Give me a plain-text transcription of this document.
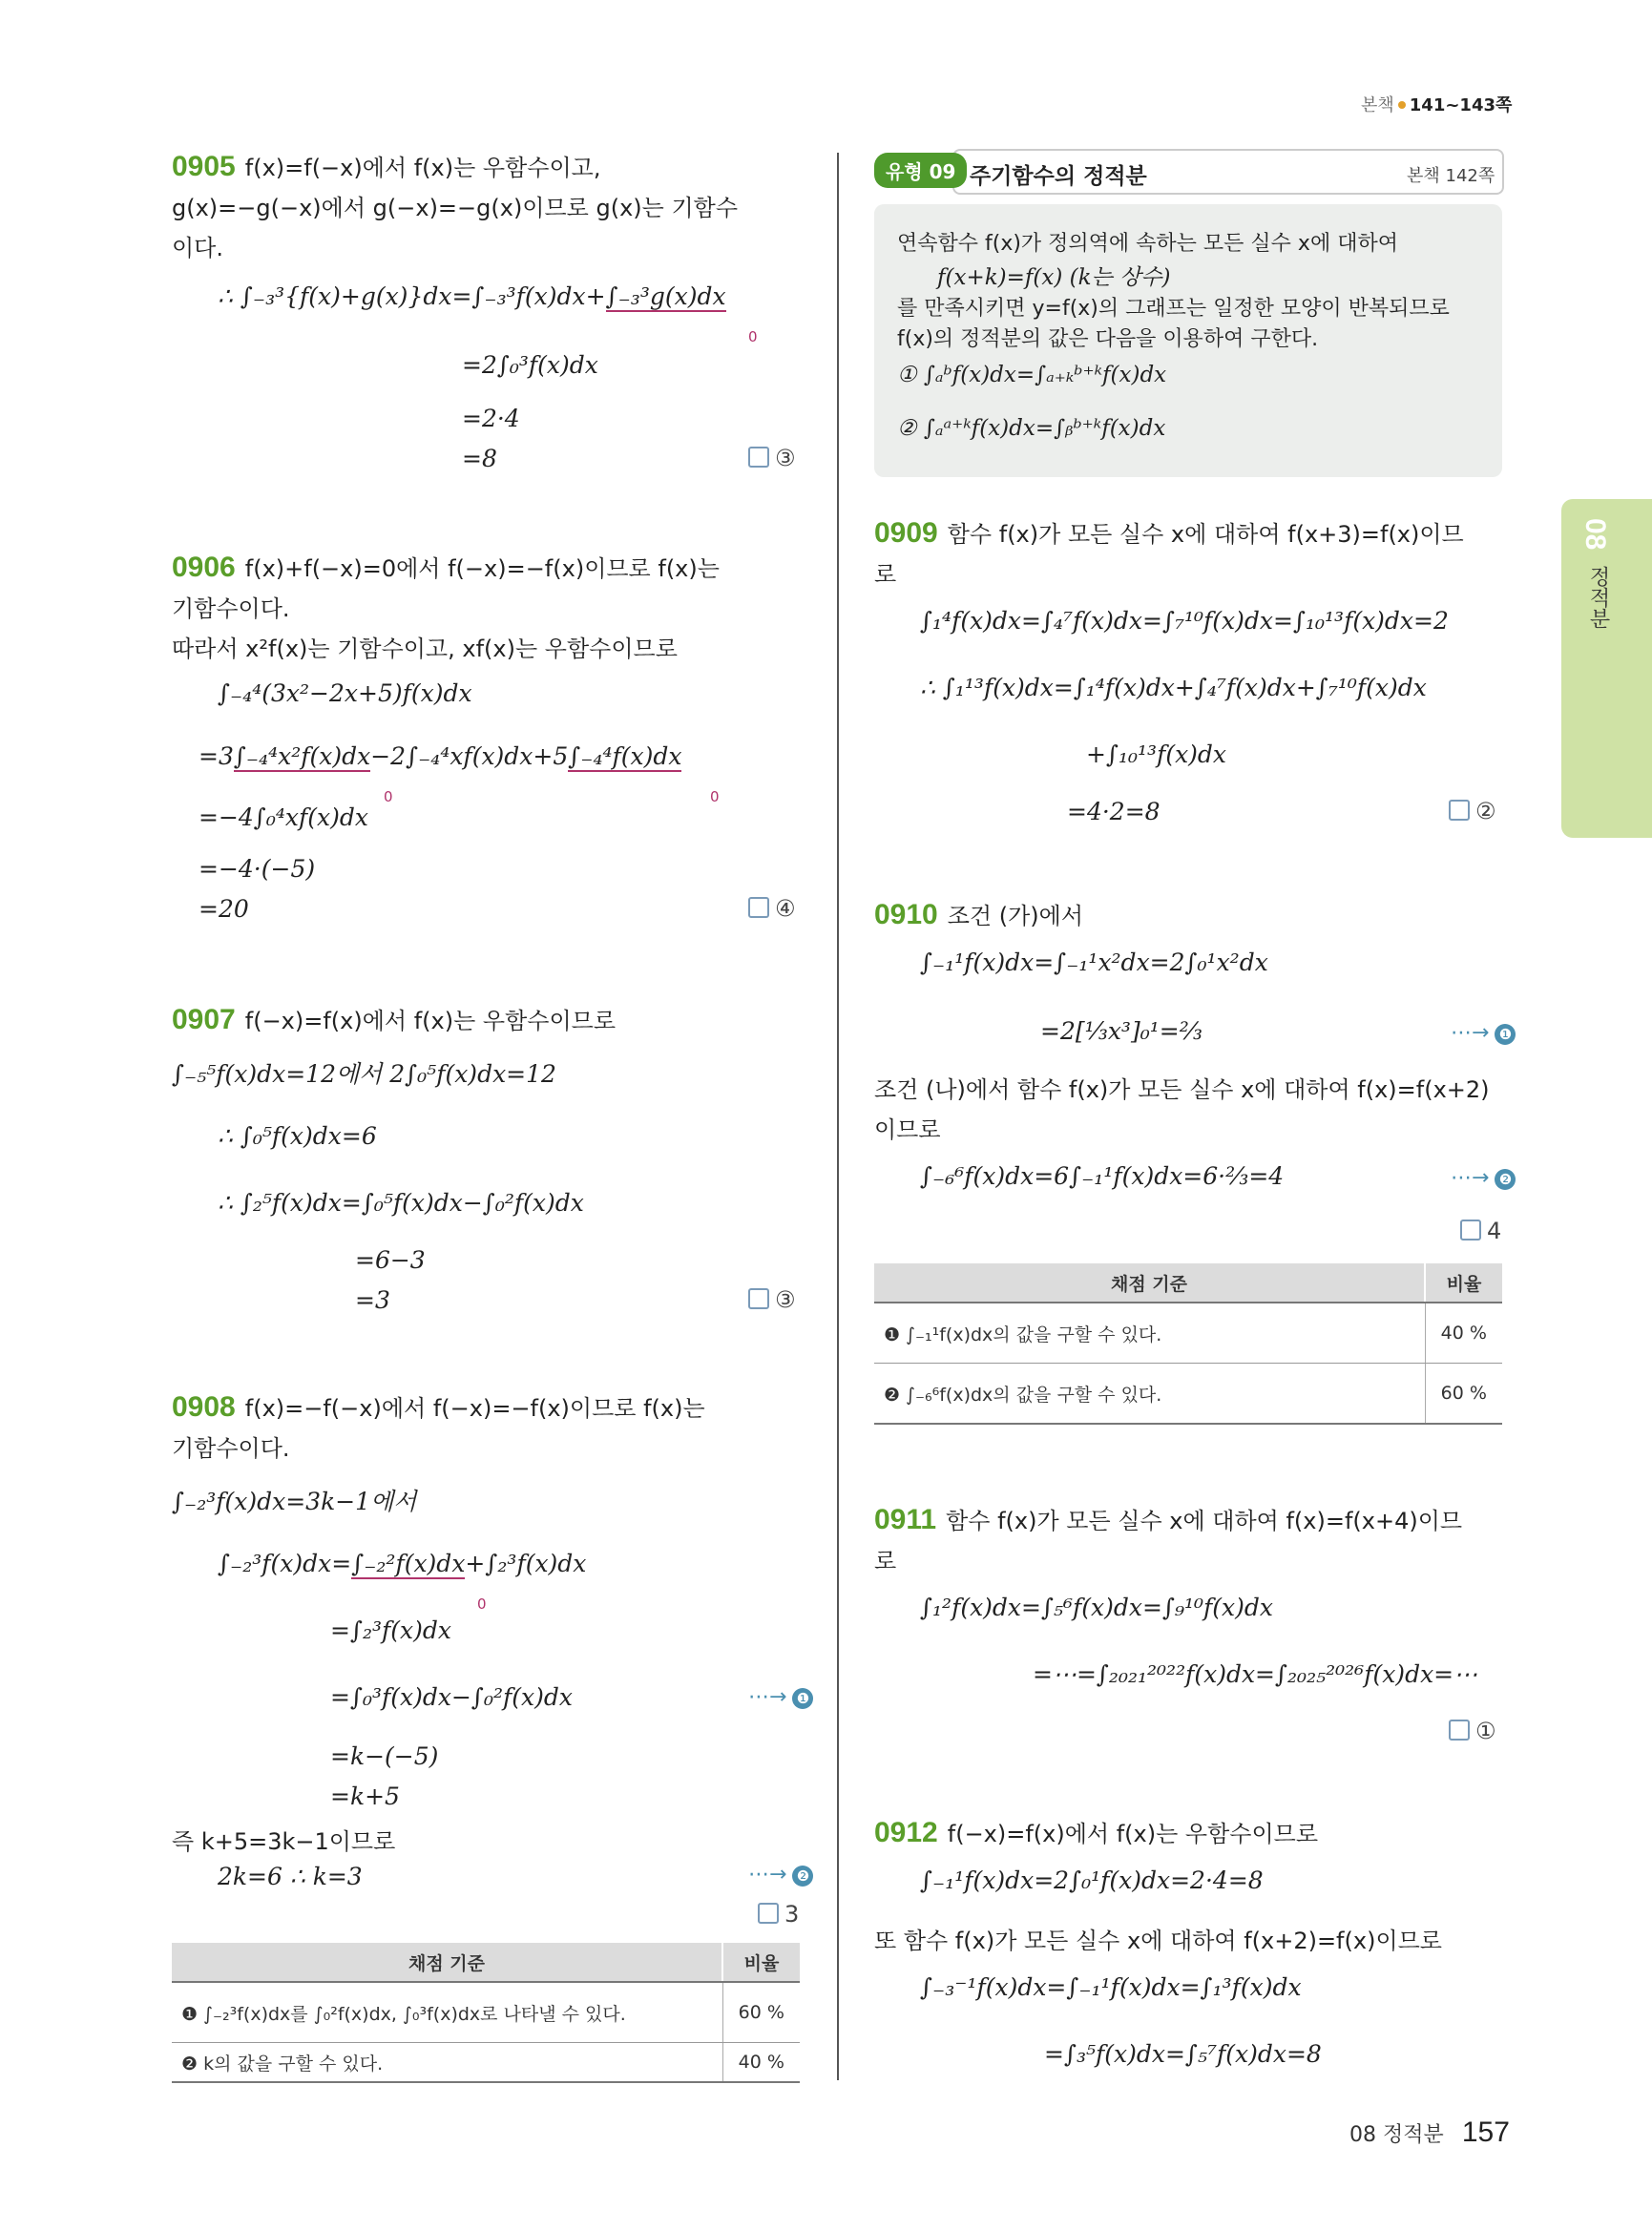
본책 141~143쪽
08
정적분
0905 f(x)=f(−x)에서 f(x)는 우함수이고,
g(x)=−g(−x)에서 g(−x)=−g(x)이므로 g(x)는 기함수
이다.
∴ ∫₋₃³{f(x)+g(x)}dx=∫₋₃³f(x)dx+∫₋₃³g(x)dx
0
=2∫₀³f(x)dx
=2·4
=8	③
0906 f(x)+f(−x)=0에서 f(−x)=−f(x)이므로 f(x)는
기함수이다.
따라서 x²f(x)는 기함수이고, xf(x)는 우함수이므로
∫₋₄⁴(3x²−2x+5)f(x)dx
=3∫₋₄⁴x²f(x)dx−2∫₋₄⁴xf(x)dx+5∫₋₄⁴f(x)dx
0	0
=−4∫₀⁴xf(x)dx
=−4·(−5)
=20	④
0907 f(−x)=f(x)에서 f(x)는 우함수이므로
∫₋₅⁵f(x)dx=12에서 2∫₀⁵f(x)dx=12
∴ ∫₀⁵f(x)dx=6
∴ ∫₂⁵f(x)dx=∫₀⁵f(x)dx−∫₀²f(x)dx
=6−3
=3	③
0908 f(x)=−f(−x)에서 f(−x)=−f(x)이므로 f(x)는
기함수이다.
∫₋₂³f(x)dx=3k−1에서
∫₋₂³f(x)dx=∫₋₂²f(x)dx+∫₂³f(x)dx
0
=∫₂³f(x)dx
=∫₀³f(x)dx−∫₀²f(x)dx	⋯→ ❶
=k−(−5)
=k+5
즉 k+5=3k−1이므로
2k=6 ∴ k=3	⋯→ ❷
3
채점 기준	비율
❶ ∫₋₂³f(x)dx를 ∫₀²f(x)dx, ∫₀³f(x)dx로 나타낼 수 있다.	60 %
❷ k의 값을 구할 수 있다.	40 %
유형 09 주기함수의 정적분	본책 142쪽
연속함수 f(x)가 정의역에 속하는 모든 실수 x에 대하여
f(x+k)=f(x) (k는 상수)
를 만족시키면 y=f(x)의 그래프는 일정한 모양이 반복되므로
f(x)의 정적분의 값은 다음을 이용하여 구한다.
① ∫ₐᵇf(x)dx=∫ₐ₊ₖᵇ⁺ᵏf(x)dx
② ∫ₐᵃ⁺ᵏf(x)dx=∫ᵦᵇ⁺ᵏf(x)dx
0909 함수 f(x)가 모든 실수 x에 대하여 f(x+3)=f(x)이므
로
∫₁⁴f(x)dx=∫₄⁷f(x)dx=∫₇¹⁰f(x)dx=∫₁₀¹³f(x)dx=2
∴ ∫₁¹³f(x)dx=∫₁⁴f(x)dx+∫₄⁷f(x)dx+∫₇¹⁰f(x)dx
+∫₁₀¹³f(x)dx
=4·2=8	②
0910 조건 (가)에서
∫₋₁¹f(x)dx=∫₋₁¹x²dx=2∫₀¹x²dx
=2[⅓x³]₀¹=⅔	⋯→ ❶
조건 (나)에서 함수 f(x)가 모든 실수 x에 대하여 f(x)=f(x+2)
이므로
∫₋₆⁶f(x)dx=6∫₋₁¹f(x)dx=6·⅔=4	⋯→ ❷
4
채점 기준	비율
❶ ∫₋₁¹f(x)dx의 값을 구할 수 있다.	40 %
❷ ∫₋₆⁶f(x)dx의 값을 구할 수 있다.	60 %
0911 함수 f(x)가 모든 실수 x에 대하여 f(x)=f(x+4)이므
로
∫₁²f(x)dx=∫₅⁶f(x)dx=∫₉¹⁰f(x)dx
=⋯=∫₂₀₂₁²⁰²²f(x)dx=∫₂₀₂₅²⁰²⁶f(x)dx=⋯
①
0912 f(−x)=f(x)에서 f(x)는 우함수이므로
∫₋₁¹f(x)dx=2∫₀¹f(x)dx=2·4=8
또 함수 f(x)가 모든 실수 x에 대하여 f(x+2)=f(x)이므로
∫₋₃⁻¹f(x)dx=∫₋₁¹f(x)dx=∫₁³f(x)dx
=∫₃⁵f(x)dx=∫₅⁷f(x)dx=8
08 정적분 157
